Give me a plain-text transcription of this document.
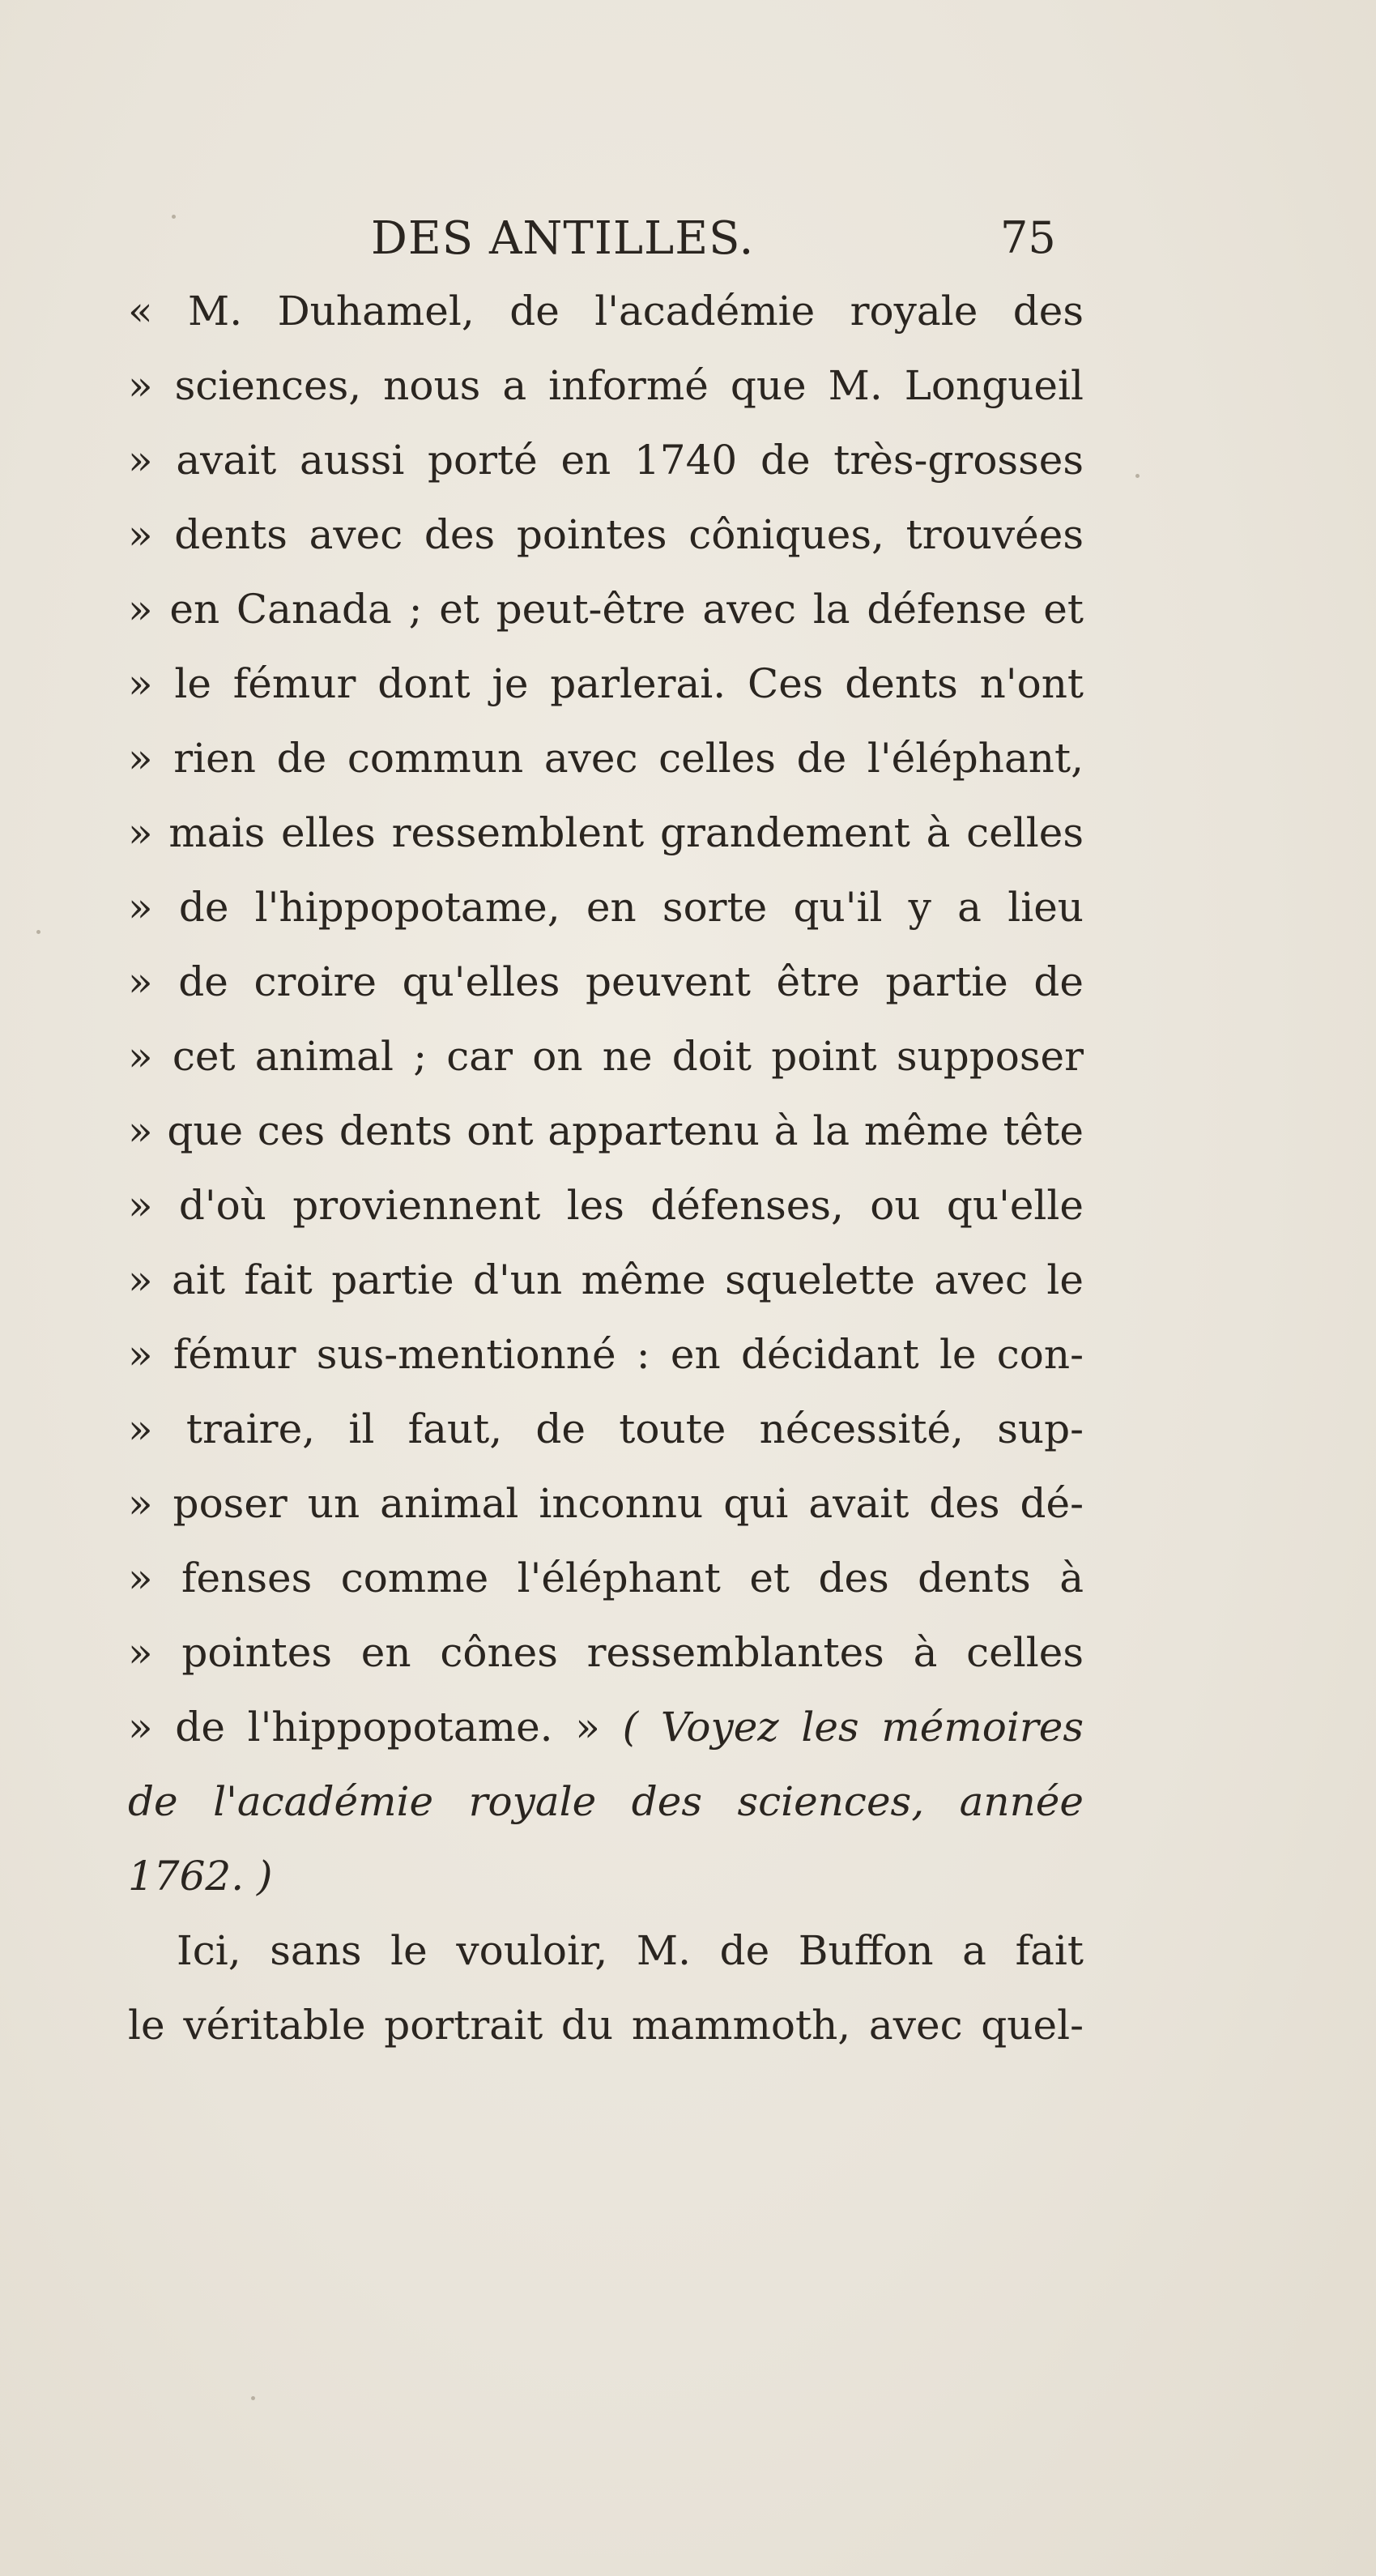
DES ANTILLES.	75
« M. Duhamel, de l'académie royale des
» sciences, nous a informé que M. Longueil
» avait aussi porté en 1740 de très-grosses
» dents avec des pointes côniques, trouvées
» en Canada ; et peut-être avec la défense et
» le fémur dont je parlerai. Ces dents n'ont
» rien de commun avec celles de l'éléphant,
» mais elles ressemblent grandement à celles
» de l'hippopotame, en sorte qu'il y a lieu
» de croire qu'elles peuvent être partie de
» cet animal ; car on ne doit point supposer
» que ces dents ont appartenu à la même tête
» d'où proviennent les défenses, ou qu'elle
» ait fait partie d'un même squelette avec le
» fémur sus-mentionné : en décidant le con-
» traire, il faut, de toute nécessité, sup-
» poser un animal inconnu qui avait des dé-
» fenses comme l'éléphant et des dents à
» pointes en cônes ressemblantes à celles
» de l'hippopotame. » ( Voyez les mémoires
de l'académie royale des sciences, année
1762. )
Ici, sans le vouloir, M. de Buffon a fait
le véritable portrait du mammoth, avec quel-
